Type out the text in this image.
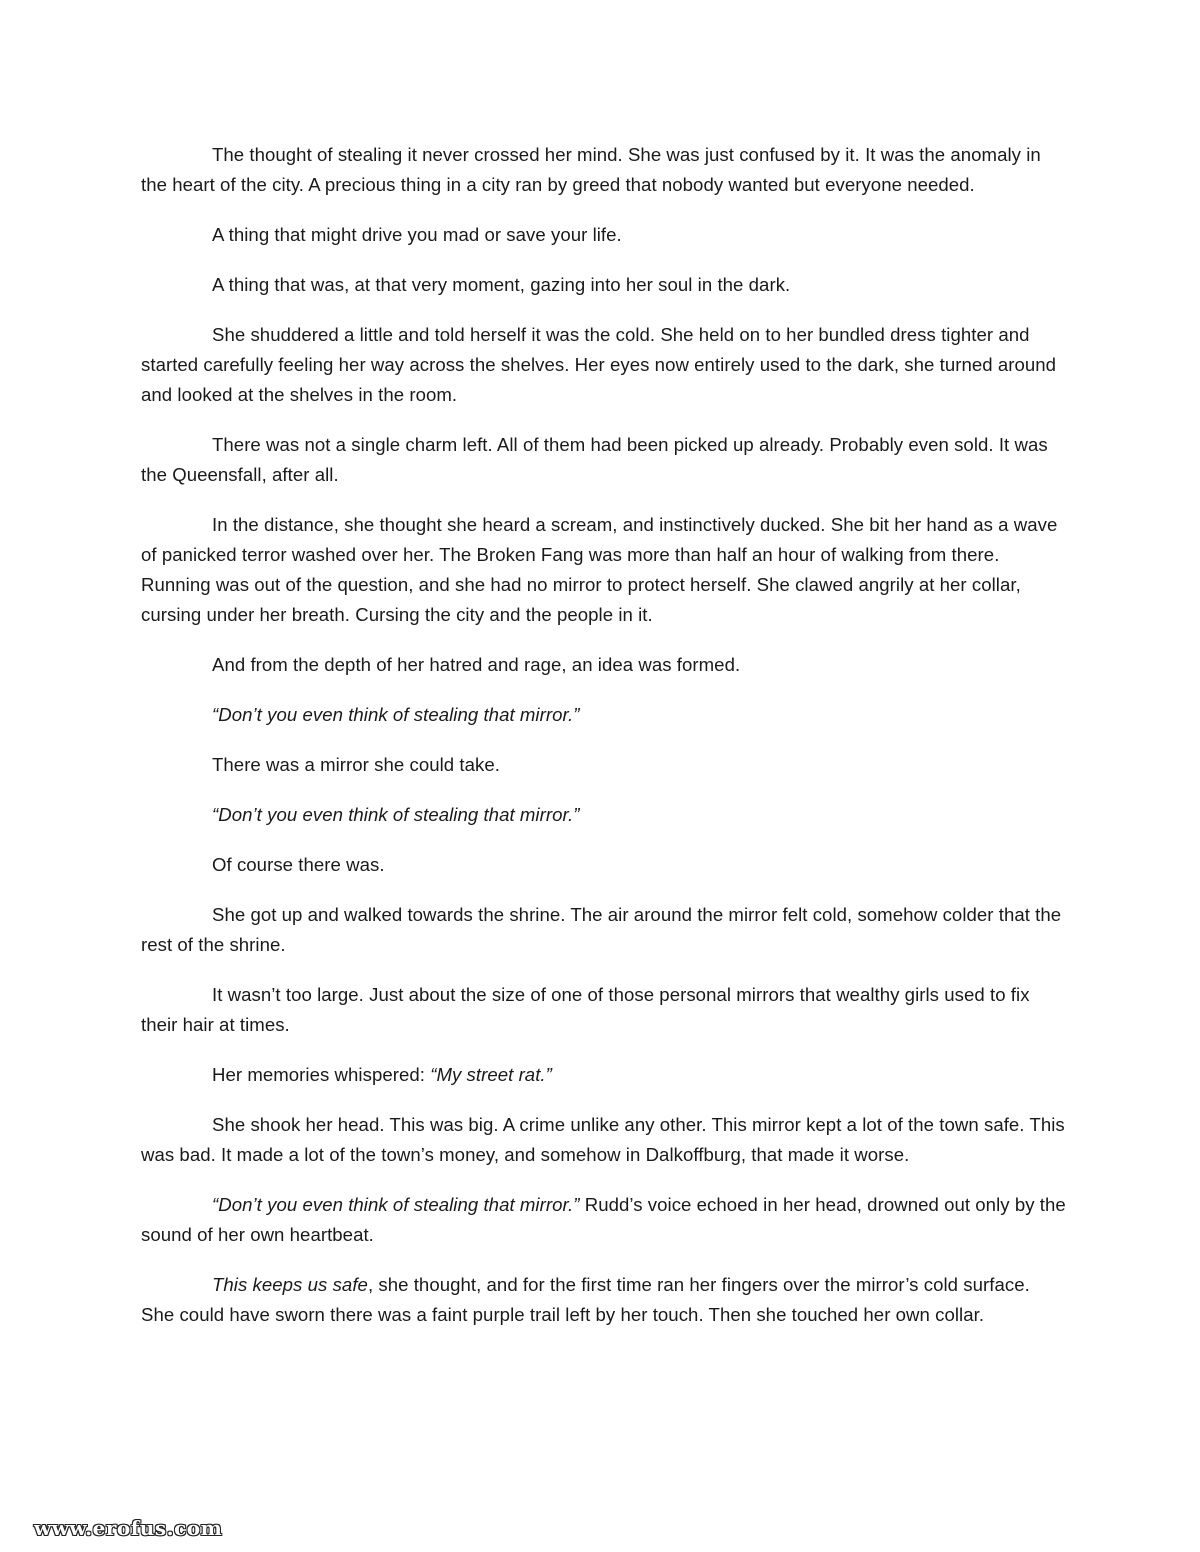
The thought of stealing it never crossed her mind. She was just confused by it. It was the anomaly in the heart of the city. A precious thing in a city ran by greed that nobody wanted but everyone needed.

A thing that might drive you mad or save your life.

A thing that was, at that very moment, gazing into her soul in the dark.

She shuddered a little and told herself it was the cold. She held on to her bundled dress tighter and started carefully feeling her way across the shelves. Her eyes now entirely used to the dark, she turned around and looked at the shelves in the room.

There was not a single charm left. All of them had been picked up already. Probably even sold. It was the Queensfall, after all.

In the distance, she thought she heard a scream, and instinctively ducked. She bit her hand as a wave of panicked terror washed over her. The Broken Fang was more than half an hour of walking from there. Running was out of the question, and she had no mirror to protect herself. She clawed angrily at her collar, cursing under her breath. Cursing the city and the people in it.

And from the depth of her hatred and rage, an idea was formed.

“Don’t you even think of stealing that mirror.”

There was a mirror she could take.

“Don’t you even think of stealing that mirror.”

Of course there was.

She got up and walked towards the shrine. The air around the mirror felt cold, somehow colder that the rest of the shrine.

It wasn’t too large. Just about the size of one of those personal mirrors that wealthy girls used to fix their hair at times.

Her memories whispered: “My street rat.”

She shook her head. This was big. A crime unlike any other. This mirror kept a lot of the town safe. This was bad. It made a lot of the town’s money, and somehow in Dalkoffburg, that made it worse.

“Don’t you even think of stealing that mirror.” Rudd’s voice echoed in her head, drowned out only by the sound of her own heartbeat.

This keeps us safe, she thought, and for the first time ran her fingers over the mirror’s cold surface. She could have sworn there was a faint purple trail left by her touch. Then she touched her own collar.

www.erofus.com
